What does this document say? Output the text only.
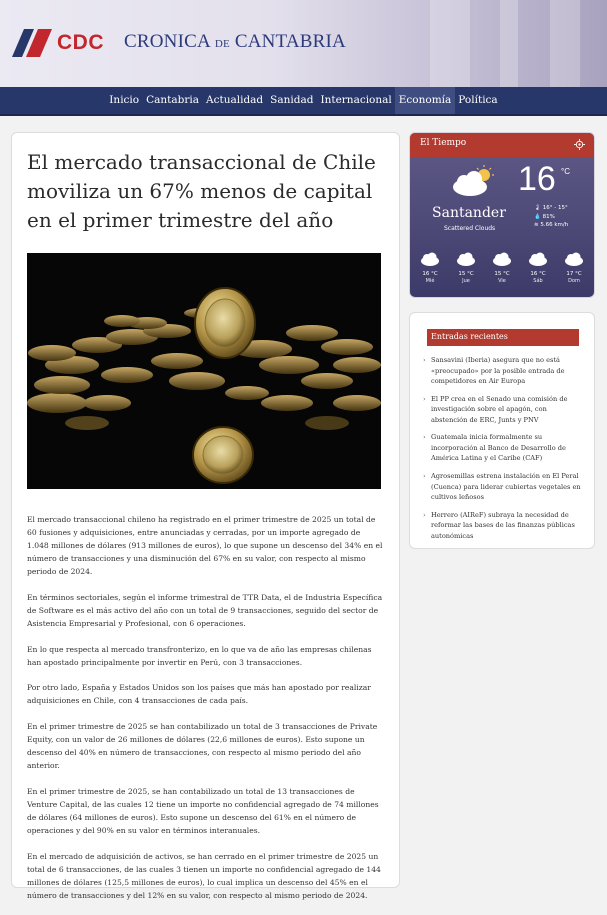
CDC CRONICA DE CANTABRIA
Inicio Cantabria Actualidad Sanidad Internacional Economía Política
El mercado transaccional de Chile moviliza un 67% menos de capital en el primer trimestre del año

El mercado transaccional chileno ha registrado en el primer trimestre de 2025 un total de 60 fusiones y adquisiciones, entre anunciadas y cerradas, por un importe agregado de 1.048 millones de dólares (913 millones de euros), lo que supone un descenso del 34% en el número de transacciones y una disminución del 67% en su valor, con respecto al mismo periodo de 2024.

En términos sectoriales, según el informe trimestral de TTR Data, el de Industria Específica de Software es el más activo del año con un total de 9 transacciones, seguido del sector de Asistencia Empresarial y Profesional, con 6 operaciones.

En lo que respecta al mercado transfronterizo, en lo que va de año las empresas chilenas han apostado principalmente por invertir en Perú, con 3 transacciones.

Por otro lado, España y Estados Unidos son los países que más han apostado por realizar adquisiciones en Chile, con 4 transacciones de cada país.

En el primer trimestre de 2025 se han contabilizado un total de 3 transacciones de Private Equity, con un valor de 26 millones de dólares (22,6 millones de euros). Esto supone un descenso del 40% en número de transacciones, con respecto al mismo periodo del año anterior.

En el primer trimestre de 2025, se han contabilizado un total de 13 transacciones de Venture Capital, de las cuales 12 tiene un importe no confidencial agregado de 74 millones de dólares (64 millones de euros). Esto supone un descenso del 61% en el número de operaciones y del 90% en su valor en términos interanuales.

En el mercado de adquisición de activos, se han cerrado en el primer trimestre de 2025 un total de 6 transacciones, de las cuales 3 tienen un importe no confidencial agregado de 144 millones de dólares (125,5 millones de euros), lo cual implica un descenso del 45% en el número de transacciones y del 12% en su valor, con respecto al mismo periodo de 2024.

El Tiempo
16 °C
Santander
Scattered Clouds
🌡 16° - 15°
💧 81%
≋ 5.66 km/h
16 °C
Mié
15 °C
Jue
15 °C
Vie
16 °C
Sáb
17 °C
Dom
Entradas recientes
› Sansavini (Iberia) asegura que no está «preocupado» por la posible entrada de competidores en Air Europa
› El PP crea en el Senado una comisión de investigación sobre el apagón, con abstención de ERC, Junts y PNV
› Guatemala inicia formalmente su incorporación al Banco de Desarrollo de América Latina y el Caribe (CAF)
› Agrosemillas estrena instalación en El Peral (Cuenca) para liderar cubiertas vegetales en cultivos leñosos
› Herrero (AIReF) subraya la necesidad de reformar las bases de las finanzas públicas autonómicas
